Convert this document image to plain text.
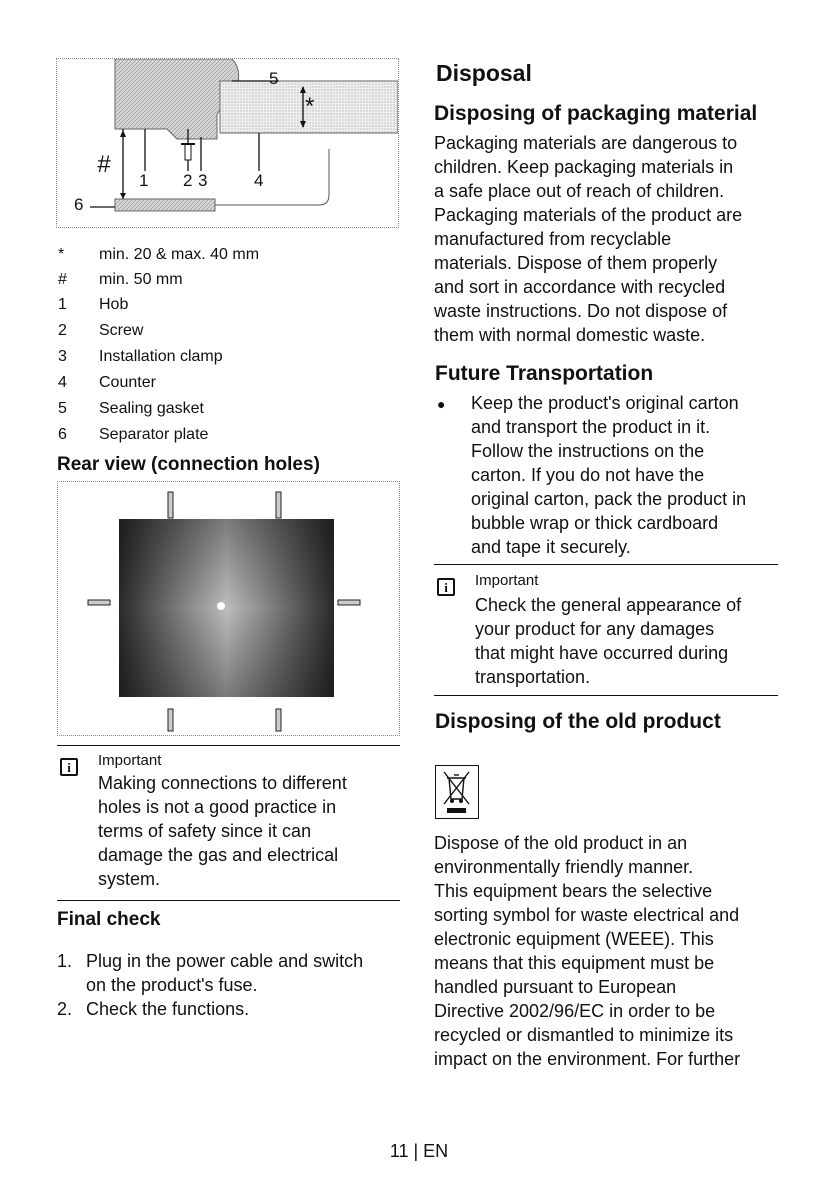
1 2 3	4
5
6
#
*
*	min. 20 & max. 40 mm
#	min. 50 mm
1	Hob
2	Screw
3	Installation clamp
4	Counter
5	Sealing gasket
6	Separator plate
Rear view (connection holes)
i
Important
Making connections to different
holes is not a good practice in
terms of safety since it can
damage the gas and electrical
system.
Final check
1. Plug in the power cable and switch
on the product's fuse.
2. Check the functions.
Disposal
Disposing of packaging material
Packaging materials are dangerous to
children. Keep packaging materials in
a safe place out of reach of children.
Packaging materials of the product are
manufactured from recyclable
materials. Dispose of them properly
and sort in accordance with recycled
waste instructions. Do not dispose of
them with normal domestic waste.
Future Transportation
● Keep the product's original carton
and transport the product in it.
Follow the instructions on the
carton. If you do not have the
original carton, pack the product in
bubble wrap or thick cardboard
and tape it securely.
i
Important
Check the general appearance of
your product for any damages
that might have occurred during
transportation.
Disposing of the old product
Dispose of the old product in an
environmentally friendly manner.
This equipment bears the selective
sorting symbol for waste electrical and
electronic equipment (WEEE). This
means that this equipment must be
handled pursuant to European
Directive 2002/96/EC in order to be
recycled or dismantled to minimize its
impact on the environment. For further
11 | EN
